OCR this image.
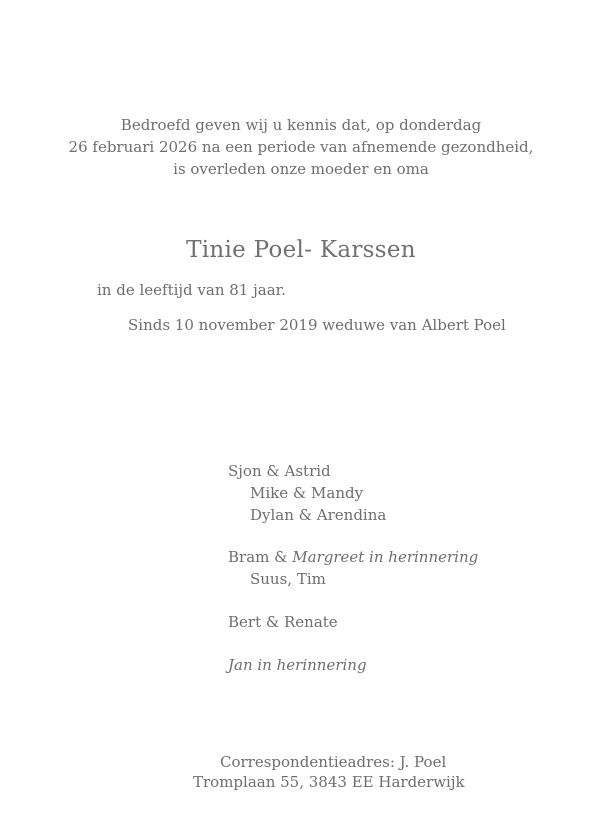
Bedroefd geven wij u kennis dat, op donderdag
26 februari 2026 na een periode van afnemende gezondheid,
is overleden onze moeder en oma
Tinie Poel- Karssen
in de leeftijd van 81 jaar.
Sinds 10 november 2019 weduwe van Albert Poel
Sjon & Astrid
Mike & Mandy
Dylan & Arendina
Bram & Margreet in herinnering
Suus, Tim
Bert & Renate
Jan in herinnering
Correspondentieadres: J. Poel
Tromplaan 55, 3843 EE Harderwijk
